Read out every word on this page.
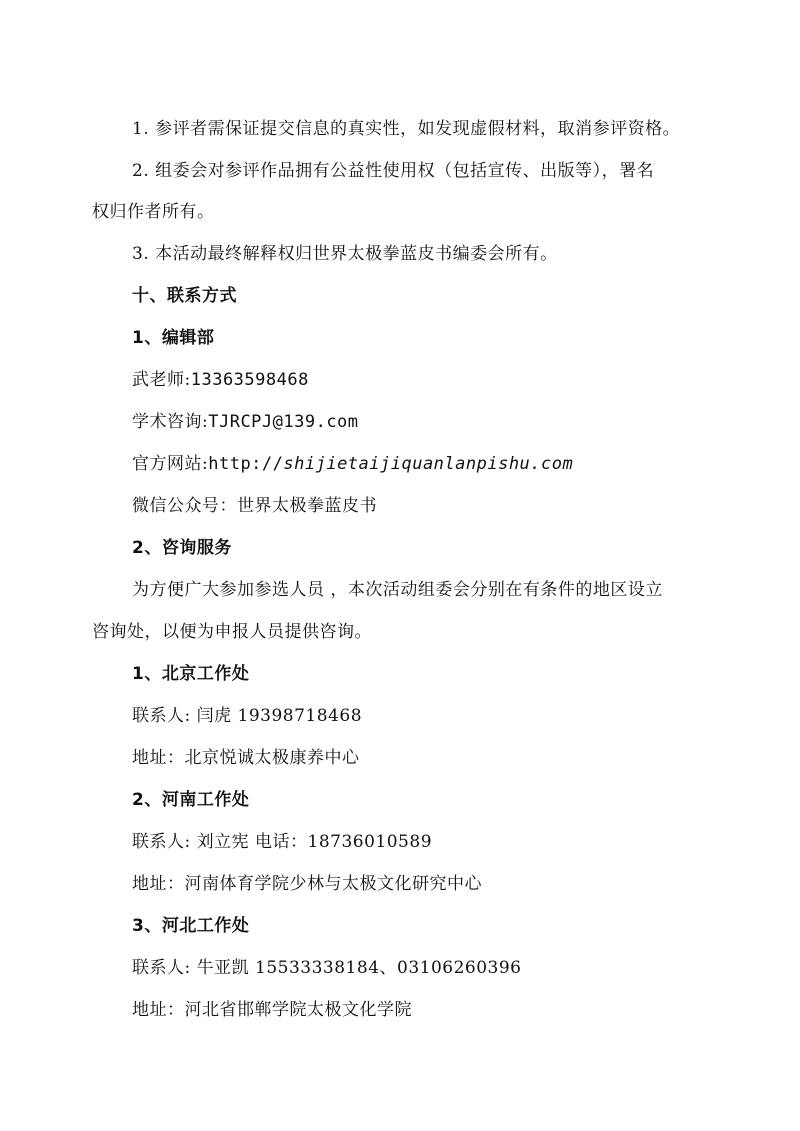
1. 参评者需保证提交信息的真实性，如发现虚假材料，取消参评资格。
2. 组委会对参评作品拥有公益性使用权（包括宣传、出版等），署名
权归作者所有。
3. 本活动最终解释权归世界太极拳蓝皮书编委会所有。
十、联系方式
1、编辑部
武老师:13363598468
学术咨询:TJRCPJ@139.com
官方网站:http://shijietaijiquanlanpishu.com
微信公众号：世界太极拳蓝皮书
2、咨询服务
为方便广大参加参选人员 ，本次活动组委会分别在有条件的地区设立
咨询处，以便为申报人员提供咨询。
1、北京工作处
联系人: 闫虎 19398718468
地址：北京悦诚太极康养中心
2、河南工作处
联系人: 刘立宪 电话：18736010589
地址：河南体育学院少林与太极文化研究中心
3、河北工作处
联系人: 牛亚凯 15533338184、03106260396
地址：河北省邯郸学院太极文化学院
